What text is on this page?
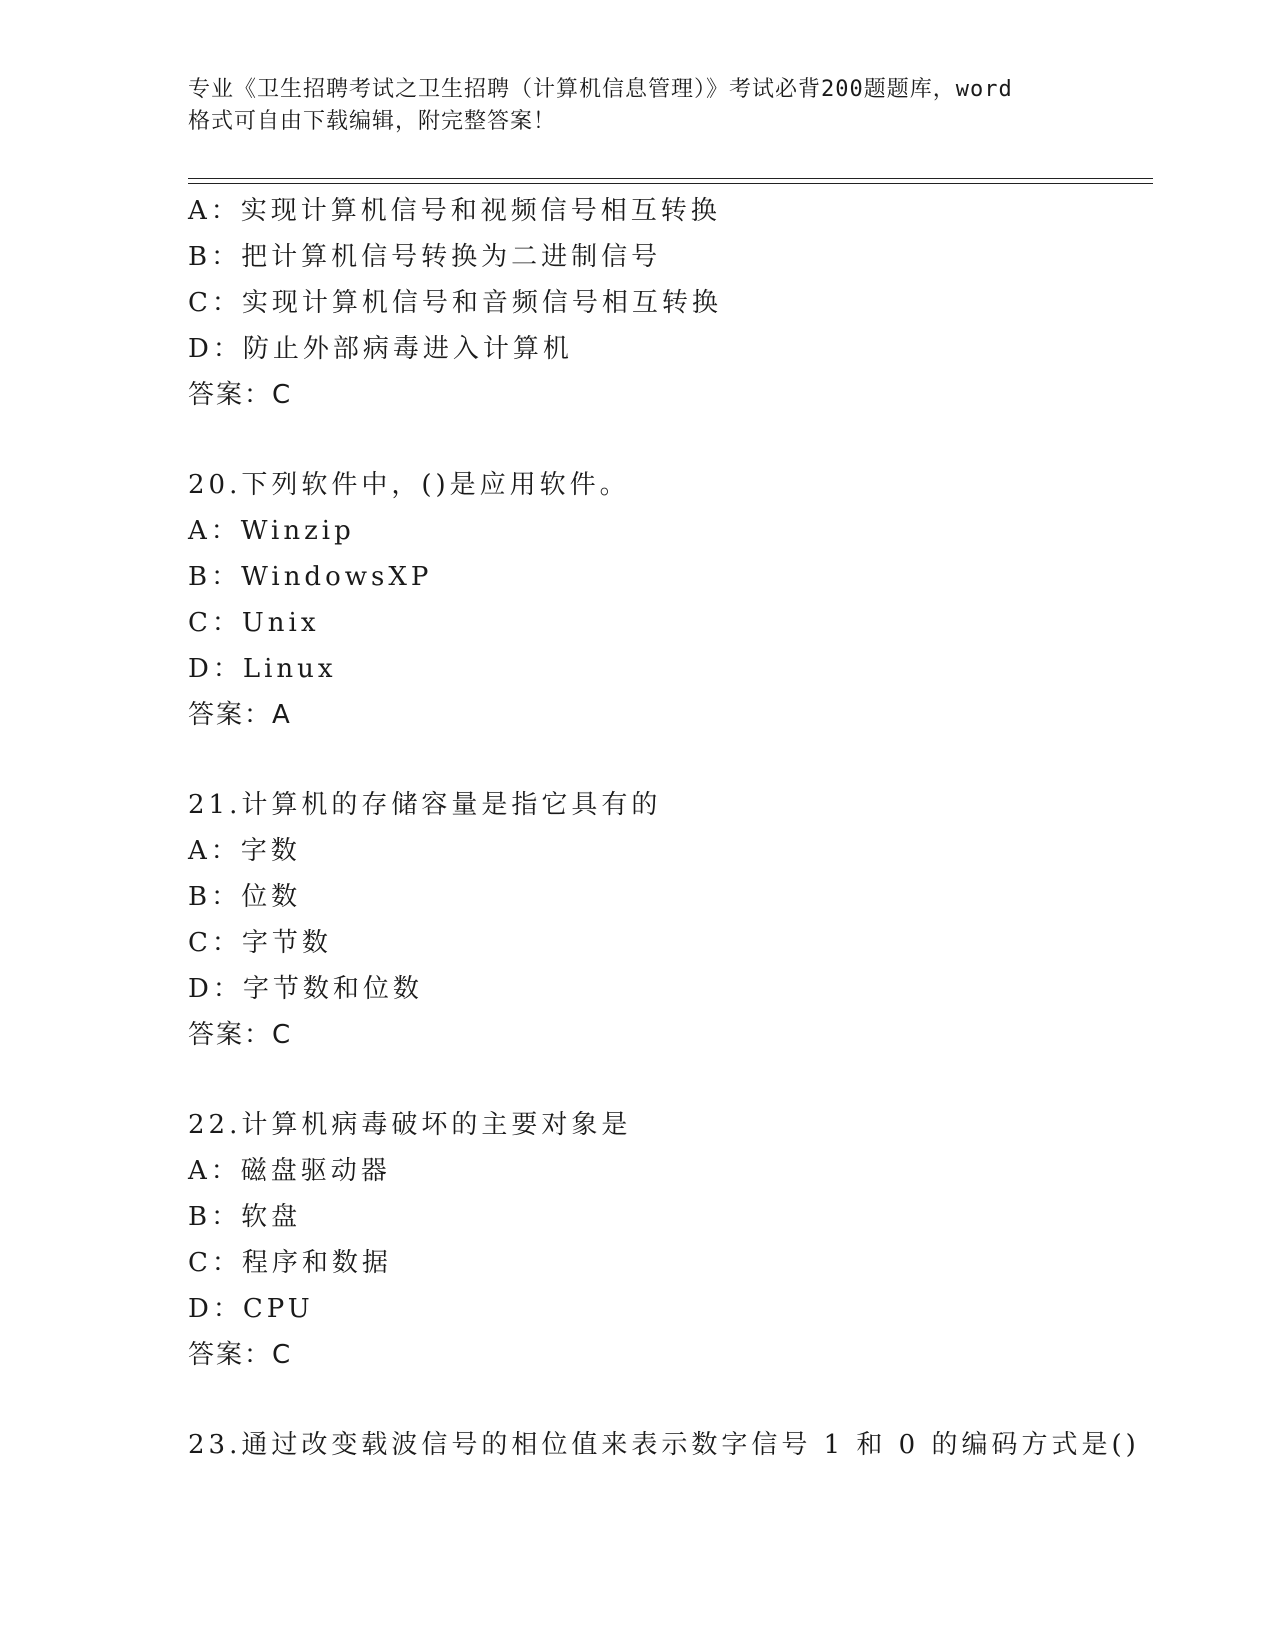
专业《卫生招聘考试之卫生招聘（计算机信息管理）》考试必背200题题库，word
格式可自由下载编辑，附完整答案！
A：实现计算机信号和视频信号相互转换
B：把计算机信号转换为二进制信号
C：实现计算机信号和音频信号相互转换
D：防止外部病毒进入计算机
答案：C
20.下列软件中，()是应用软件。
A：Winzip
B：WindowsXP
C：Unix
D：Linux
答案：A
21.计算机的存储容量是指它具有的
A：字数
B：位数
C：字节数
D：字节数和位数
答案：C
22.计算机病毒破坏的主要对象是
A：磁盘驱动器
B：软盘
C：程序和数据
D：CPU
答案：C
23.通过改变载波信号的相位值来表示数字信号 1 和 0 的编码方式是()
